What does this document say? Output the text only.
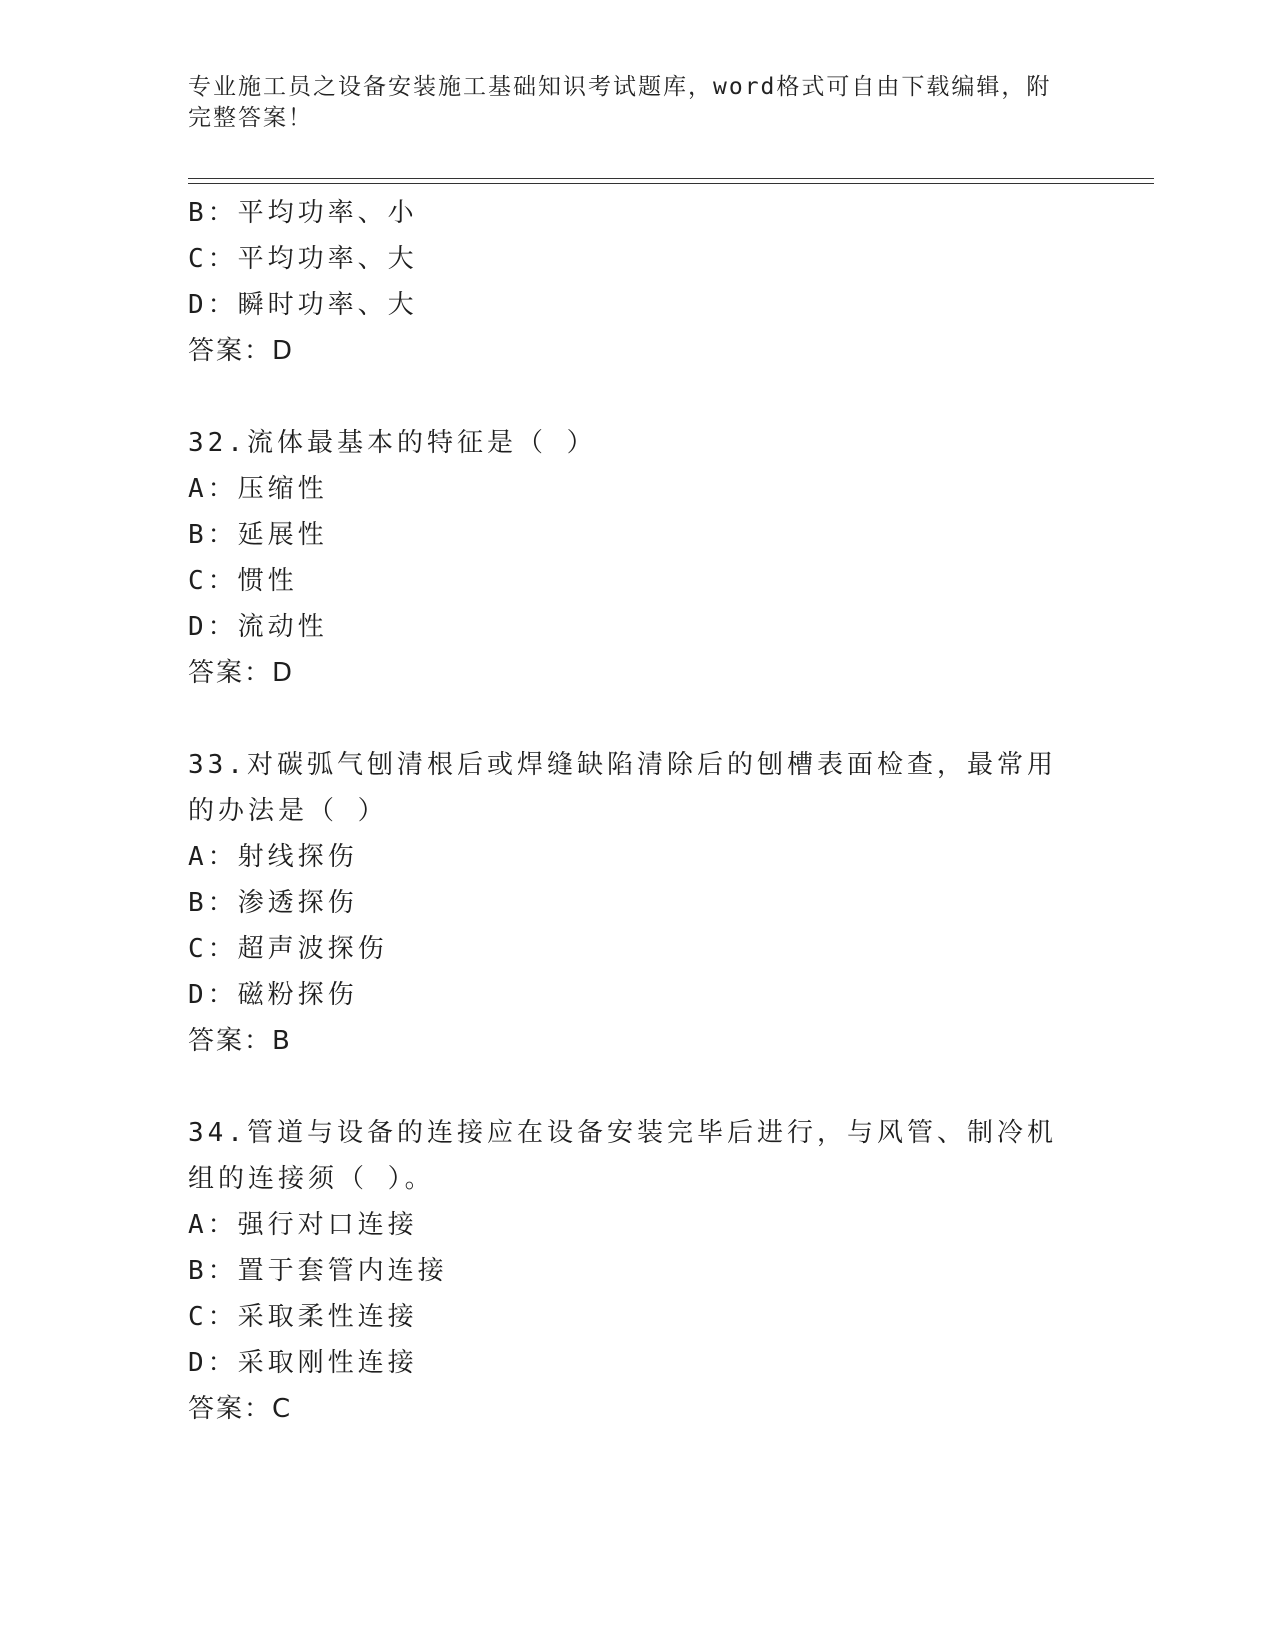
专业施工员之设备安装施工基础知识考试题库，word格式可自由下载编辑，附完整答案！
B：平均功率、小
C：平均功率、大
D：瞬时功率、大
答案：D
32.流体最基本的特征是（ ）
A：压缩性
B：延展性
C：惯性
D：流动性
答案：D
33.对碳弧气刨清根后或焊缝缺陷清除后的刨槽表面检查，最常用的办法是（ ）
A：射线探伤
B：渗透探伤
C：超声波探伤
D：磁粉探伤
答案：B
34.管道与设备的连接应在设备安装完毕后进行，与风管、制冷机组的连接须（ ）。
A：强行对口连接
B：置于套管内连接
C：采取柔性连接
D：采取刚性连接
答案：C
